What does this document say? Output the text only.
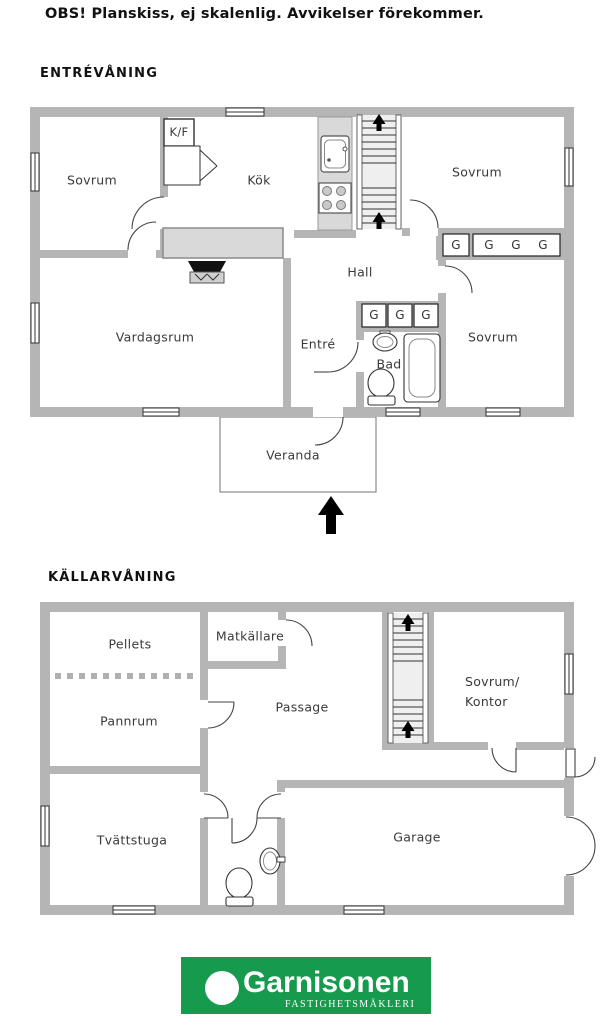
OBS! Planskiss, ej skalenlig. Avvikelser förekommer.
ENTRÉVÅNING
KÄLLARVÅNING
Sovrum	Kök
K/F
Sovrum
Hall
Vardagsrum	Entré
Bad
Sovrum
Veranda
G G G G
G G G
Pellets
Matkällare
Pannrum
Passage
Sovrum/
Kontor
Tvättstuga	Garage
Garnisonen
FASTIGHETSMÄKLERI
